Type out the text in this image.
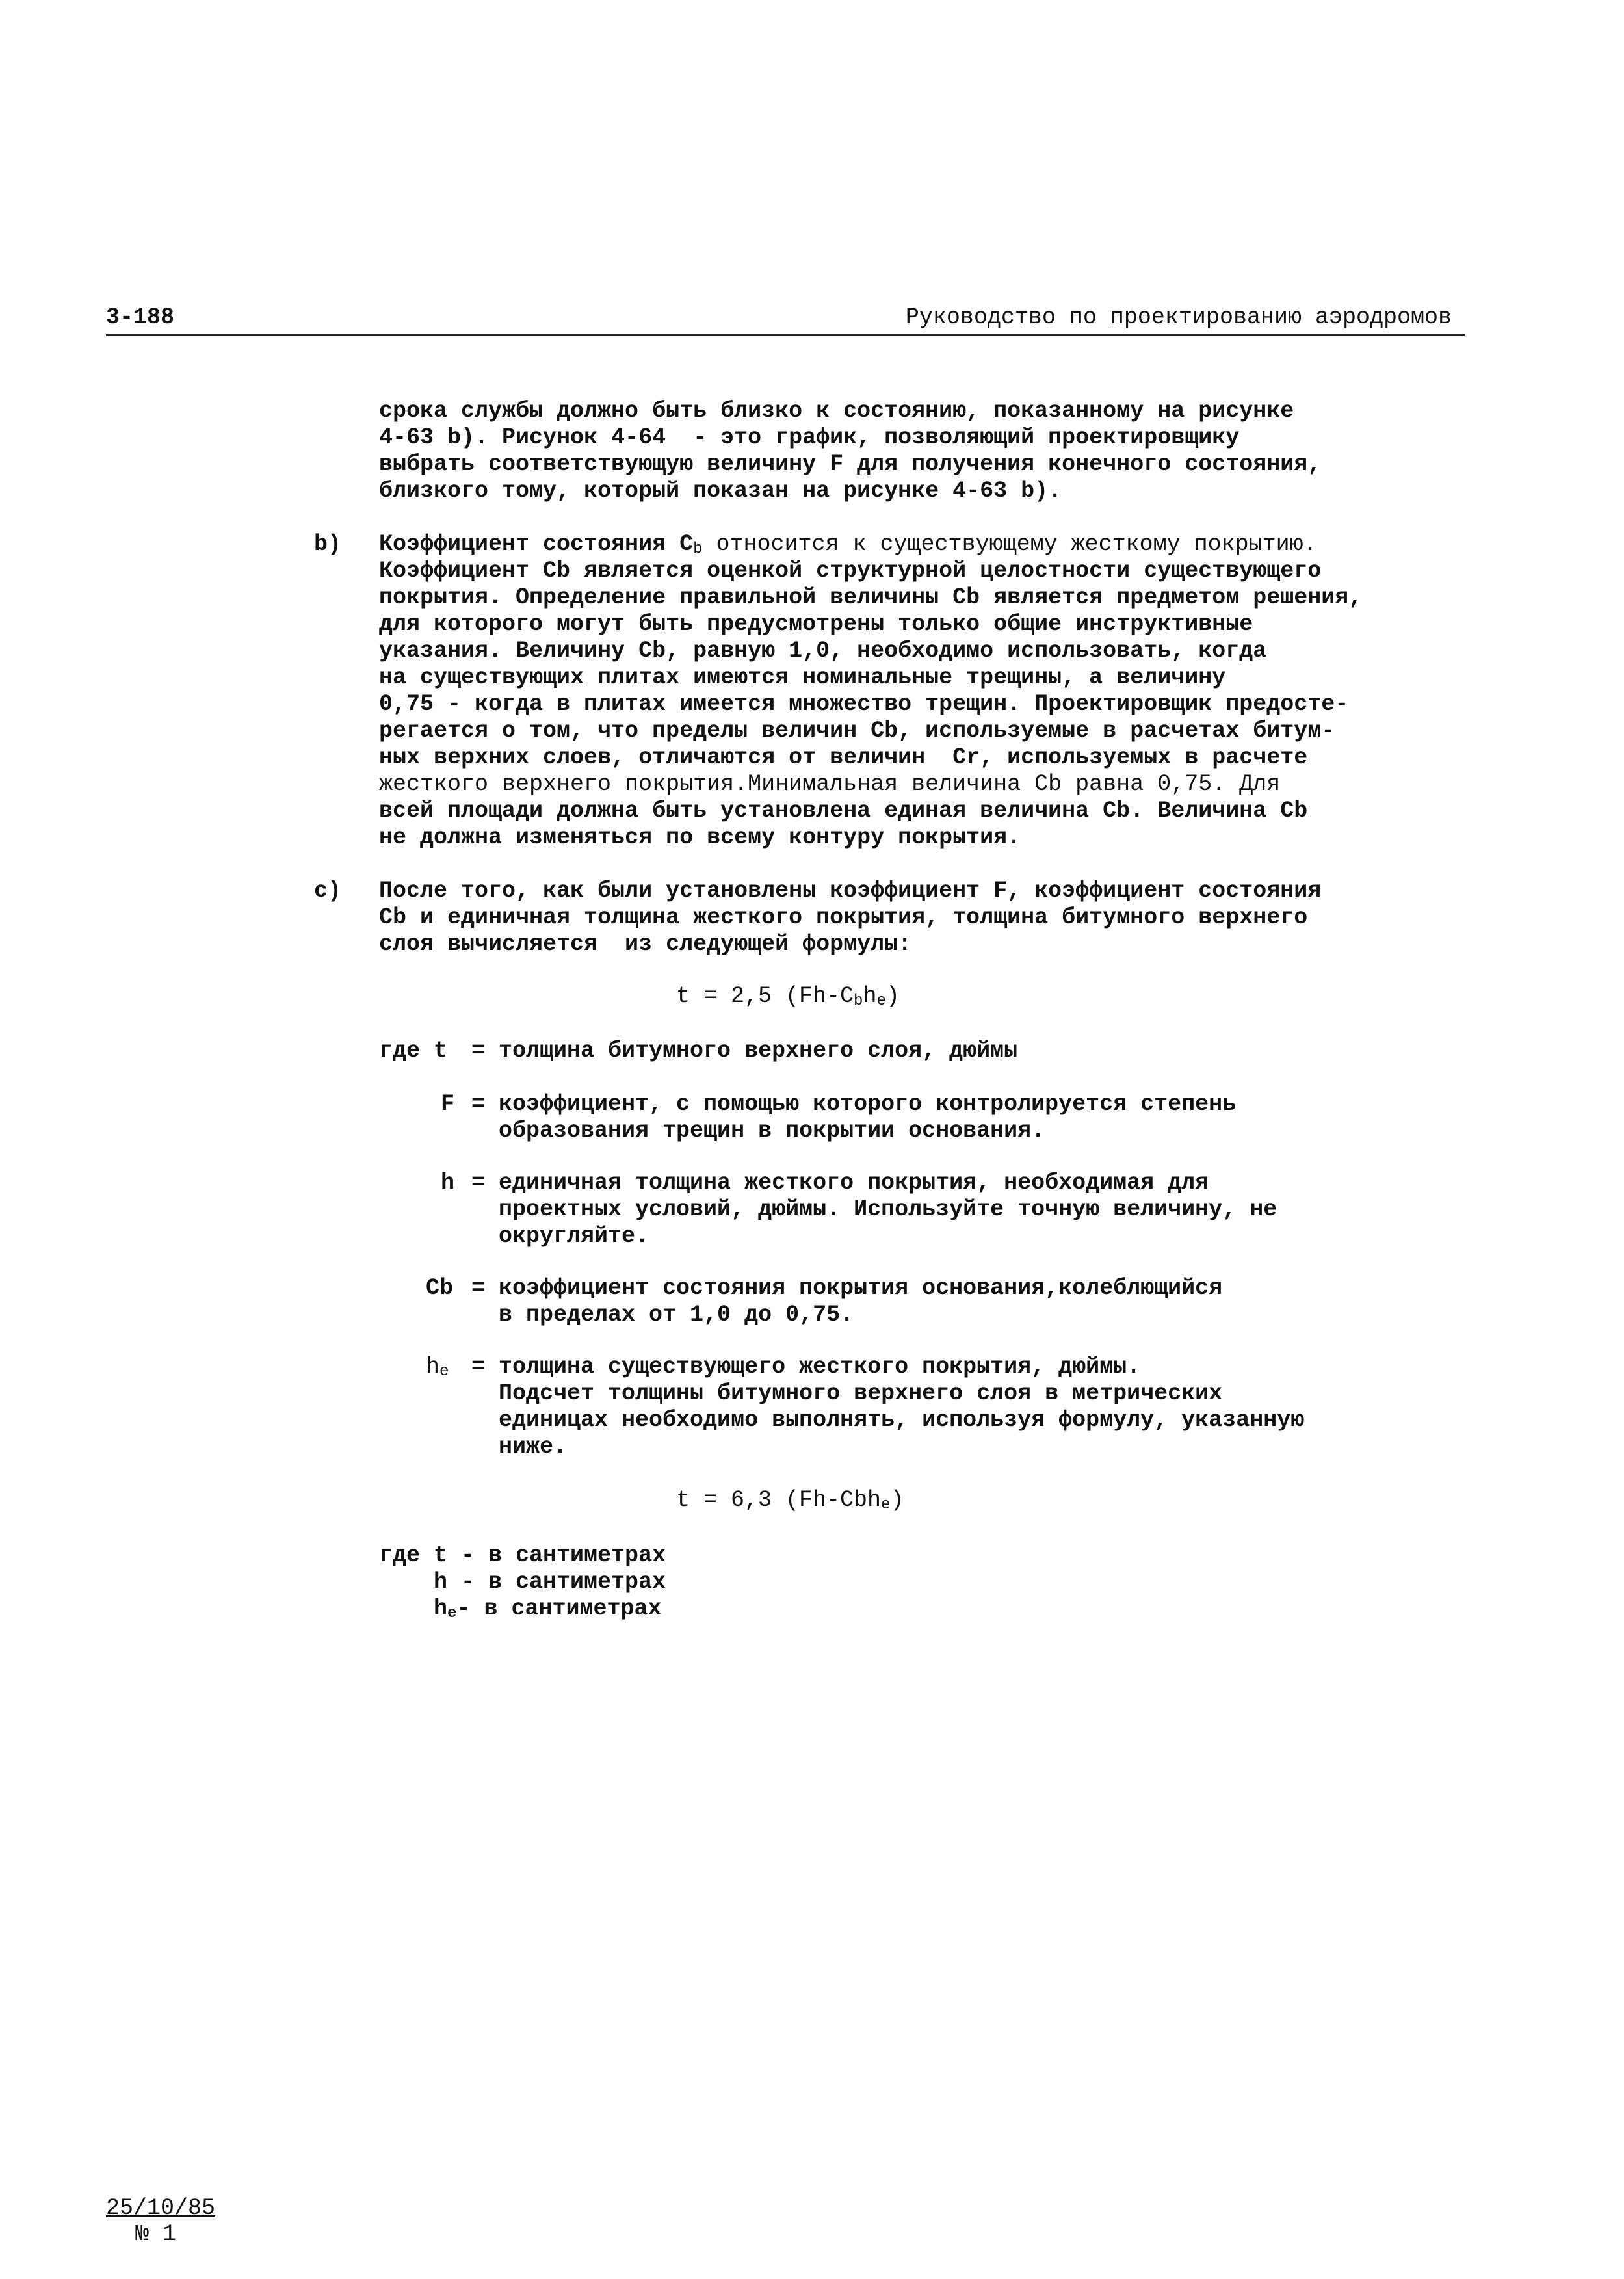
3-188	Руководство по проектированию аэродромов
срока службы должно быть близко к состоянию, показанному на рисунке
4-63 b). Рисунок 4-64  - это график, позволяющий проектировщику
выбрать соответствующую величину F для получения конечного состояния,
близкого тому, который показан на рисунке 4-63 b).
b) Коэффициент состояния $C_b$ относится к существующему жесткому покрытию.
Коэффициент Cb является оценкой структурной целостности существующего
покрытия. Определение правильной величины Cb является предметом решения,
для которого могут быть предусмотрены только общие инструктивные
указания. Величину Cb, равную 1,0, необходимо использовать, когда
на существующих плитах имеются номинальные трещины, а величину
0,75 - когда в плитах имеется множество трещин. Проектировщик предосте-
регается о том, что пределы величин Cb, используемые в расчетах битум-
ных верхних слоев, отличаются от величин  Cr, используемых в расчете
жесткого верхнего покрытия.Минимальная величина Cb равна 0,75. Для
всей площади должна быть установлена единая величина Cb. Величина Cb
не должна изменяться по всему контуру покрытия.
c) После того, как были установлены коэффициент F, коэффициент состояния
Cb и единичная толщина жесткого покрытия, толщина битумного верхнего
слоя вычисляется  из следующей формулы:
t = 2,5 $(Fh-C_bh_e)$
где t = толщина битумного верхнего слоя, дюймы
F = коэффициент, с помощью которого контролируется степень
образования трещин в покрытии основания.
h = единичная толщина жесткого покрытия, необходимая для
проектных условий, дюймы. Используйте точную величину, не
округляйте.
Cb = коэффициент состояния покрытия основания,колеблющийся
в пределах от 1,0 до 0,75.
$h_e$ = толщина существующего жесткого покрытия, дюймы.
Подсчет толщины битумного верхнего слоя в метрических
единицах необходимо выполнять, используя формулу, указанную
ниже.
t = 6,3 (Fh-Cbh$_e$)
где t - в сантиметрах
h - в сантиметрах
$h_e-$ в сантиметрах
25/10/85
№ 1
